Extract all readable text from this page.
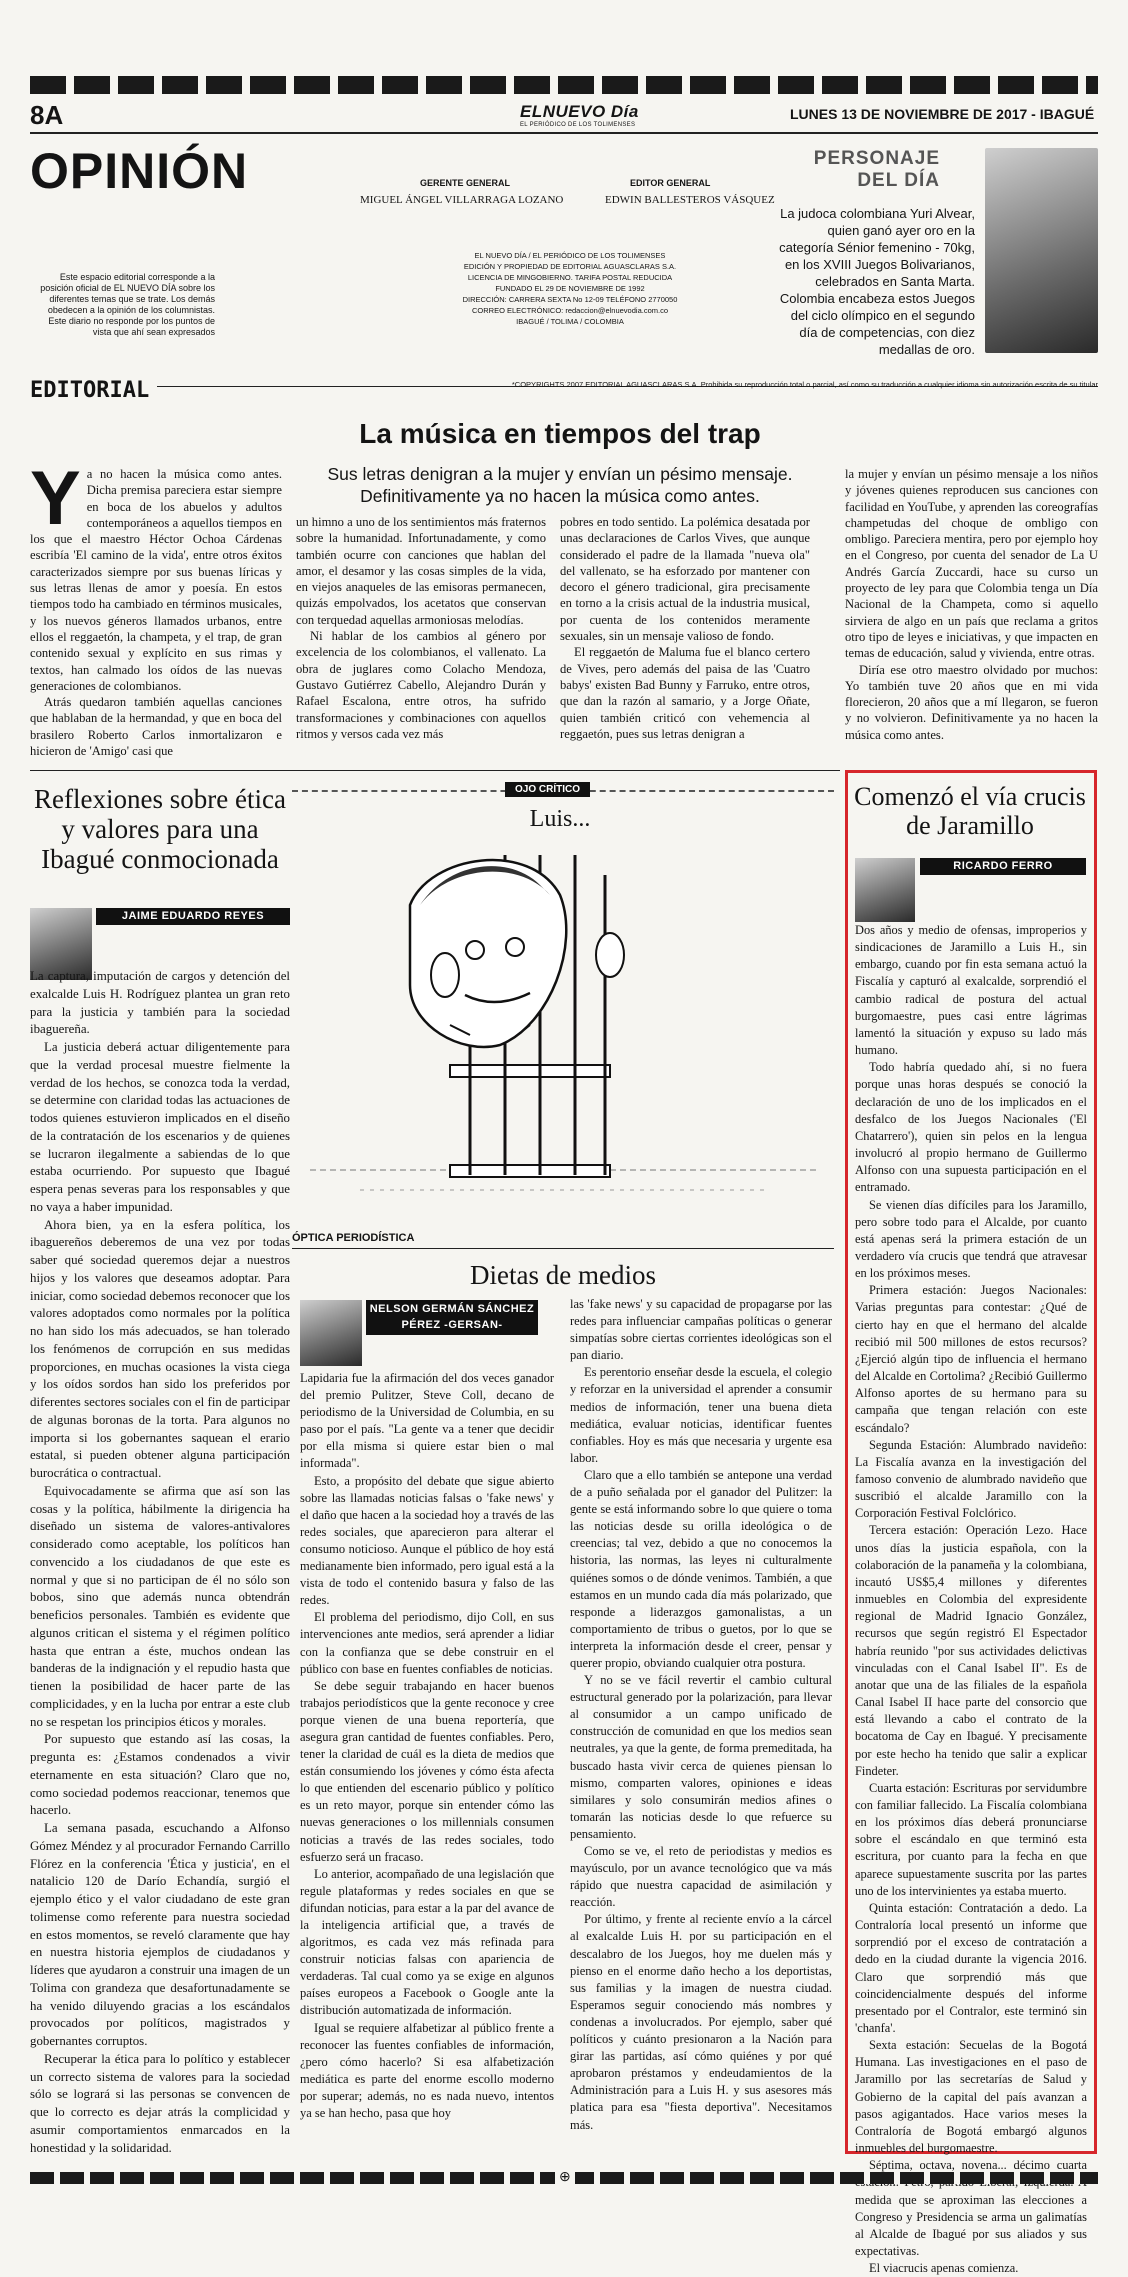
8A	ELNUEVO Día
EL PERIÓDICO DE LOS TOLIMENSES
LUNES 13 DE NOVIEMBRE DE 2017 - IBAGUÉ
OPINIÓN
Este espacio editorial corresponde a la posición oficial de EL NUEVO DÍA sobre los diferentes temas que se trate. Los demás obedecen a la opinión de los columnistas. Este diario no responde por los puntos de vista que ahí sean expresados
GERENTE GENERAL
MIGUEL ÁNGEL VILLARRAGA LOZANO
EDITOR GENERAL
EDWIN BALLESTEROS VÁSQUEZ
EL NUEVO DÍA / EL PERIÓDICO DE LOS TOLIMENSES
EDICIÓN Y PROPIEDAD DE EDITORIAL AGUASCLARAS S.A.
LICENCIA DE MINGOBIERNO. TARIFA POSTAL REDUCIDA
FUNDADO EL 29 DE NOVIEMBRE DE 1992
DIRECCIÓN: CARRERA SEXTA No 12-09 TELÉFONO 2770050
CORREO ELECTRÓNICO: redaccion@elnuevodia.com.co
IBAGUÉ / TOLIMA / COLOMBIA
PERSONAJE DEL DÍA
La judoca colombiana Yuri Alvear, quien ganó ayer oro en la categoría Sénior femenino - 70kg, en los XVIII Juegos Bolivarianos, celebrados en Santa Marta. Colombia encabeza estos Juegos del ciclo olímpico en el segundo día de competencias, con diez medallas de oro.
EDITORIAL	*COPYRIGHTS 2007 EDITORIAL AGUASCLARAS S.A. Prohibida su reproducción total o parcial, así como su traducción a cualquier idioma sin autorización escrita de su titular
La música en tiempos del trap
Sus letras denigran a la mujer y envían un pésimo mensaje. Definitivamente ya no hacen la música como antes.

Ya no hacen la música como antes. Dicha premisa pareciera estar siempre en boca de los abuelos y adultos contemporáneos a aquellos tiempos en los que el maestro Héctor Ochoa Cárdenas escribía 'El camino de la vida', entre otros éxitos caracterizados siempre por sus buenas líricas y sus letras llenas de amor y poesía. En estos tiempos todo ha cambiado en términos musicales, y los nuevos géneros llamados urbanos, entre ellos el reggaetón, la champeta, y el trap, de gran contenido sexual y explícito en sus rimas y textos, han calmado los oídos de las nuevas generaciones de colombianos.

Atrás quedaron también aquellas canciones que hablaban de la hermandad, y que en boca del brasilero Roberto Carlos inmortalizaron e hicieron de 'Amigo' casi que

un himno a uno de los sentimientos más fraternos sobre la humanidad. Infortunadamente, y como también ocurre con canciones que hablan del amor, el desamor y las cosas simples de la vida, en viejos anaqueles de las emisoras permanecen, quizás empolvados, los acetatos que conservan con terquedad aquellas armoniosas melodías.

Ni hablar de los cambios al género por excelencia de los colombianos, el vallenato. La obra de juglares como Colacho Mendoza, Gustavo Gutiérrez Cabello, Alejandro Durán y Rafael Escalona, entre otros, ha sufrido transformaciones y combinaciones con aquellos ritmos y versos cada vez más

pobres en todo sentido. La polémica desatada por unas declaraciones de Carlos Vives, que aunque considerado el padre de la llamada "nueva ola" del vallenato, se ha esforzado por mantener con decoro el género tradicional, gira precisamente en torno a la crisis actual de la industria musical, por cuenta de los contenidos meramente sexuales, sin un mensaje valioso de fondo.

El reggaetón de Maluma fue el blanco certero de Vives, pero además del paisa de las 'Cuatro babys' existen Bad Bunny y Farruko, entre otros, que dan la razón al samario, y a Jorge Oñate, quien también criticó con vehemencia al reggaetón, pues sus letras denigran a

la mujer y envían un pésimo mensaje a los niños y jóvenes quienes reproducen sus canciones con facilidad en YouTube, y aprenden las coreografías champetudas del choque de ombligo con ombligo. Pareciera mentira, pero por ejemplo hoy en el Congreso, por cuenta del senador de La U Andrés García Zuccardi, hace su curso un proyecto de ley para que Colombia tenga un Día Nacional de la Champeta, como si aquello sirviera de algo en un país que reclama a gritos otro tipo de leyes e iniciativas, y que impacten en temas de educación, salud y vivienda, entre otras.

Diría ese otro maestro olvidado por muchos: Yo también tuve 20 años que en mi vida florecieron, 20 años que a mí llegaron, se fueron y no volvieron. Definitivamente ya no hacen la música como antes.

Reflexiones sobre ética y valores para una Ibagué conmocionada
JAIME EDUARDO REYES

La captura, imputación de cargos y detención del exalcalde Luis H. Rodríguez plantea un gran reto para la justicia y también para la sociedad ibaguereña.

La justicia deberá actuar diligentemente para que la verdad procesal muestre fielmente la verdad de los hechos, se conozca toda la verdad, se determine con claridad todas las actuaciones de todos quienes estuvieron implicados en el diseño de la contratación de los escenarios y de quienes se lucraron ilegalmente a sabiendas de lo que estaba ocurriendo. Por supuesto que Ibagué espera penas severas para los responsables y que no vaya a haber impunidad.

Ahora bien, ya en la esfera política, los ibaguereños deberemos de una vez por todas saber qué sociedad queremos dejar a nuestros hijos y los valores que deseamos adoptar. Para iniciar, como sociedad debemos reconocer que los valores adoptados como normales por la política no han sido los más adecuados, se han tolerado los fenómenos de corrupción en sus medidas proporciones, en muchas ocasiones la vista ciega y los oídos sordos han sido los preferidos por diferentes sectores sociales con el fin de participar de algunas boronas de la torta. Para algunos no importa si los gobernantes saquean el erario estatal, si pueden obtener alguna participación burocrática o contractual.

Equivocadamente se afirma que así son las cosas y la política, hábilmente la dirigencia ha diseñado un sistema de valores-antivalores considerado como aceptable, los políticos han convencido a los ciudadanos de que este es normal y que si no participan de él no sólo son bobos, sino que además nunca obtendrán beneficios personales. También es evidente que algunos critican el sistema y el régimen político hasta que entran a éste, muchos ondean las banderas de la indignación y el repudio hasta que tienen la posibilidad de hacer parte de las complicidades, y en la lucha por entrar a este club no se respetan los principios éticos y morales.

Por supuesto que estando así las cosas, la pregunta es: ¿Estamos condenados a vivir eternamente en esta situación? Claro que no, como sociedad podemos reaccionar, tenemos que hacerlo.

La semana pasada, escuchando a Alfonso Gómez Méndez y al procurador Fernando Carrillo Flórez en la conferencia 'Ética y justicia', en el natalicio 120 de Darío Echandía, surgió el ejemplo ético y el valor ciudadano de este gran tolimense como referente para nuestra sociedad en estos momentos, se reveló claramente que hay en nuestra historia ejemplos de ciudadanos y líderes que ayudaron a construir una imagen de un Tolima con grandeza que desafortunadamente se ha venido diluyendo gracias a los escándalos provocados por políticos, magistrados y gobernantes corruptos.

Recuperar la ética para lo político y establecer un correcto sistema de valores para la sociedad sólo se logrará si las personas se convencen de que lo correcto es dejar atrás la complicidad y asumir comportamientos enmarcados en la honestidad y la solidaridad.

OJO CRÍTICO
Luis...
ÓPTICA PERIODÍSTICA
Dietas de medios
NELSON GERMÁN SÁNCHEZ PÉREZ -GERSAN-

Lapidaria fue la afirmación del dos veces ganador del premio Pulitzer, Steve Coll, decano de periodismo de la Universidad de Columbia, en su paso por el país. "La gente va a tener que decidir por ella misma si quiere estar bien o mal informada".

Esto, a propósito del debate que sigue abierto sobre las llamadas noticias falsas o 'fake news' y el daño que hacen a la sociedad hoy a través de las redes sociales, que aparecieron para alterar el consumo noticioso. Aunque el público de hoy está medianamente bien informado, pero igual está a la vista de todo el contenido basura y falso de las redes.

El problema del periodismo, dijo Coll, en sus intervenciones ante medios, será aprender a lidiar con la confianza que se debe construir en el público con base en fuentes confiables de noticias.

Se debe seguir trabajando en hacer buenos trabajos periodísticos que la gente reconoce y cree porque vienen de una buena reportería, que asegura gran cantidad de fuentes confiables. Pero, tener la claridad de cuál es la dieta de medios que están consumiendo los jóvenes y cómo ésta afecta lo que entienden del escenario público y político es un reto mayor, porque sin entender cómo las nuevas generaciones o los millennials consumen noticias a través de las redes sociales, todo esfuerzo será un fracaso.

Lo anterior, acompañado de una legislación que regule plataformas y redes sociales en que se difundan noticias, para estar a la par del avance de la inteligencia artificial que, a través de algoritmos, es cada vez más refinada para construir noticias falsas con apariencia de verdaderas. Tal cual como ya se exige en algunos países europeos a Facebook o Google ante la distribución automatizada de información.

Igual se requiere alfabetizar al público frente a reconocer las fuentes confiables de información, ¿pero cómo hacerlo? Si esa alfabetización mediática es parte del enorme escollo moderno por superar; además, no es nada nuevo, intentos ya se han hecho, pasa que hoy

las 'fake news' y su capacidad de propagarse por las redes para influenciar campañas políticas o generar simpatías sobre ciertas corrientes ideológicas son el pan diario.

Es perentorio enseñar desde la escuela, el colegio y reforzar en la universidad el aprender a consumir medios de información, tener una buena dieta mediática, evaluar noticias, identificar fuentes confiables. Hoy es más que necesaria y urgente esa labor.

Claro que a ello también se antepone una verdad de a puño señalada por el ganador del Pulitzer: la gente se está informando sobre lo que quiere o toma las noticias desde su orilla ideológica o de creencias; tal vez, debido a que no conocemos la historia, las normas, las leyes ni culturalmente quiénes somos o de dónde venimos. También, a que estamos en un mundo cada día más polarizado, que responde a liderazgos gamonalistas, a un comportamiento de tribus o guetos, por lo que se interpreta la información desde el creer, pensar y querer propio, obviando cualquier otra postura.

Y no se ve fácil revertir el cambio cultural estructural generado por la polarización, para llevar al consumidor a un campo unificado de construcción de comunidad en que los medios sean neutrales, ya que la gente, de forma premeditada, ha buscado hasta vivir cerca de quienes piensan lo mismo, comparten valores, opiniones e ideas similares y solo consumirán medios afines o tomarán las noticias desde lo que refuerce su pensamiento.

Como se ve, el reto de periodistas y medios es mayúsculo, por un avance tecnológico que va más rápido que nuestra capacidad de asimilación y reacción.

Por último, y frente al reciente envío a la cárcel al exalcalde Luis H. por su participación en el descalabro de los Juegos, hoy me duelen más y pienso en el enorme daño hecho a los deportistas, sus familias y la imagen de nuestra ciudad. Esperamos seguir conociendo más nombres y condenas a involucrados. Por ejemplo, saber qué políticos y cuánto presionaron a la Nación para girar las partidas, así cómo quiénes y por qué aprobaron préstamos y endeudamientos de la Administración para a Luis H. y sus asesores más platica para esa "fiesta deportiva". Necesitamos más.

Comenzó el vía crucis de Jaramillo
RICARDO FERRO

Dos años y medio de ofensas, improperios y sindicaciones de Jaramillo a Luis H., sin embargo, cuando por fin esta semana actuó la Fiscalía y capturó al exalcalde, sorprendió el cambio radical de postura del actual burgomaestre, pues casi entre lágrimas lamentó la situación y expuso su lado más humano.

Todo habría quedado ahí, si no fuera porque unas horas después se conoció la declaración de uno de los implicados en el desfalco de los Juegos Nacionales ('El Chatarrero'), quien sin pelos en la lengua involucró al propio hermano de Guillermo Alfonso con una supuesta participación en el entramado.

Se vienen días difíciles para los Jaramillo, pero sobre todo para el Alcalde, por cuanto está apenas será la primera estación de un verdadero vía crucis que tendrá que atravesar en los próximos meses.

Primera estación: Juegos Nacionales: Varias preguntas para contestar: ¿Qué de cierto hay en que el hermano del alcalde recibió mil 500 millones de estos recursos? ¿Ejerció algún tipo de influencia el hermano del Alcalde en Cortolima? ¿Recibió Guillermo Alfonso aportes de su hermano para su campaña que tengan relación con este escándalo?

Segunda Estación: Alumbrado navideño: La Fiscalía avanza en la investigación del famoso convenio de alumbrado navideño que suscribió el alcalde Jaramillo con la Corporación Festival Folclórico.

Tercera estación: Operación Lezo. Hace unos días la justicia española, con la colaboración de la panameña y la colombiana, incautó US$5,4 millones y diferentes inmuebles en Colombia del expresidente regional de Madrid Ignacio González, recursos que según registró El Espectador habría reunido "por sus actividades delictivas vinculadas con el Canal Isabel II". Es de anotar que una de las filiales de la española Canal Isabel II hace parte del consorcio que está llevando a cabo el contrato de la bocatoma de Cay en Ibagué. Y precisamente por este hecho ha tenido que salir a explicar Findeter.

Cuarta estación: Escrituras por servidumbre con familiar fallecido. La Fiscalía colombiana en los próximos días deberá pronunciarse sobre el escándalo en que terminó esta escritura, por cuanto para la fecha en que aparece supuestamente suscrita por las partes uno de los intervinientes ya estaba muerto.

Quinta estación: Contratación a dedo. La Contraloría local presentó un informe que sorprendió por el exceso de contratación a dedo en la ciudad durante la vigencia 2016. Claro que sorprendió más que coincidencialmente después del informe presentado por el Contralor, este terminó sin 'chanfa'.

Sexta estación: Secuelas de la Bogotá Humana. Las investigaciones en el paso de Jaramillo por las secretarías de Salud y Gobierno de la capital del país avanzan a pasos agigantados. Hace varios meses la Contraloría de Bogotá embargó algunos inmuebles del burgomaestre.

Séptima, octava, novena... décimo cuarta medida que se aproximan las elecciones a Congreso y Presidencia se arma un galimatías al Alcalde de Ibagué por sus aliados y sus expectativas.

El viacrucis apenas comienza.

⊕
